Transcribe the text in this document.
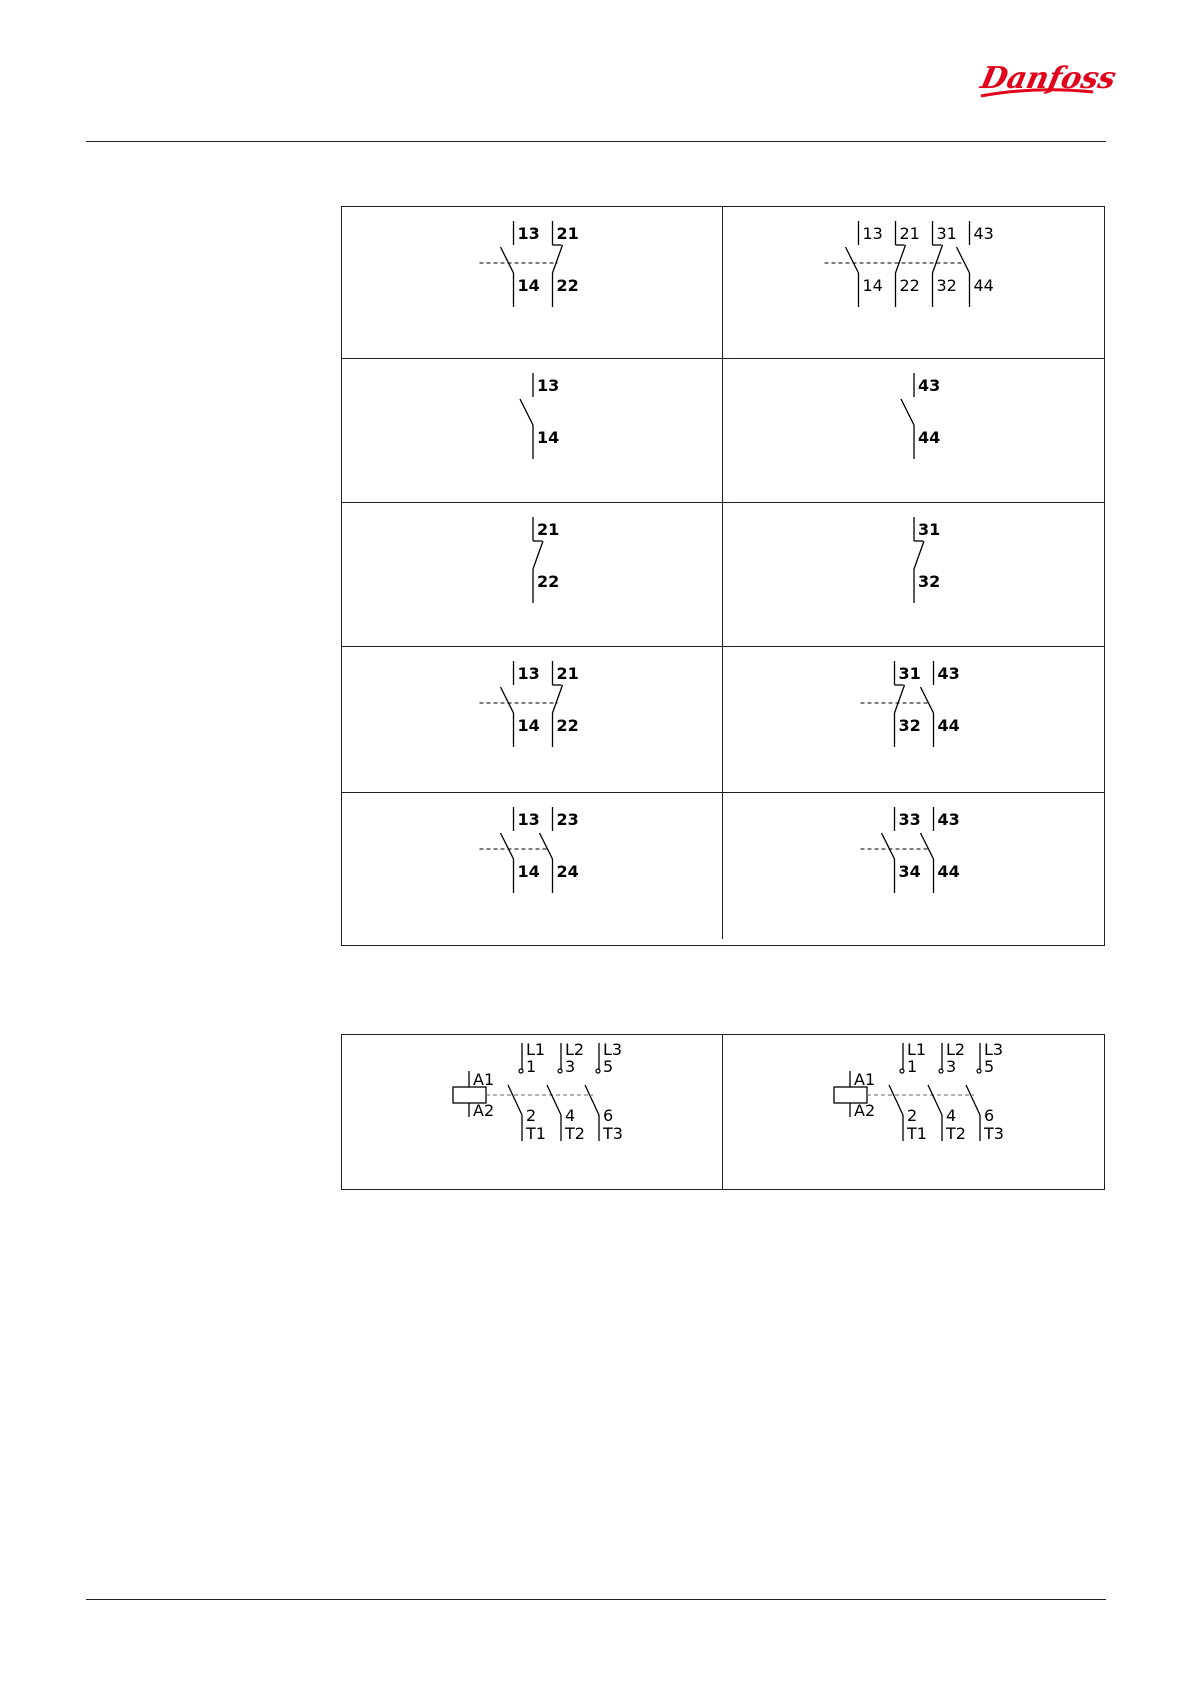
Danfoss
13
14
21
22
13
14
21
22
31
32
43
44
13
14
43
44
21
22
31
32
13
14
21
22
31
32
43
44
13
14
23
24
33
34
43
44
A1
A2
L1
1
2
T1
L2
3
4
T2
L3
5
6
T3
A1
A2
L1
1
2
T1
L2
3
4
T2
L3
5
6
T3
